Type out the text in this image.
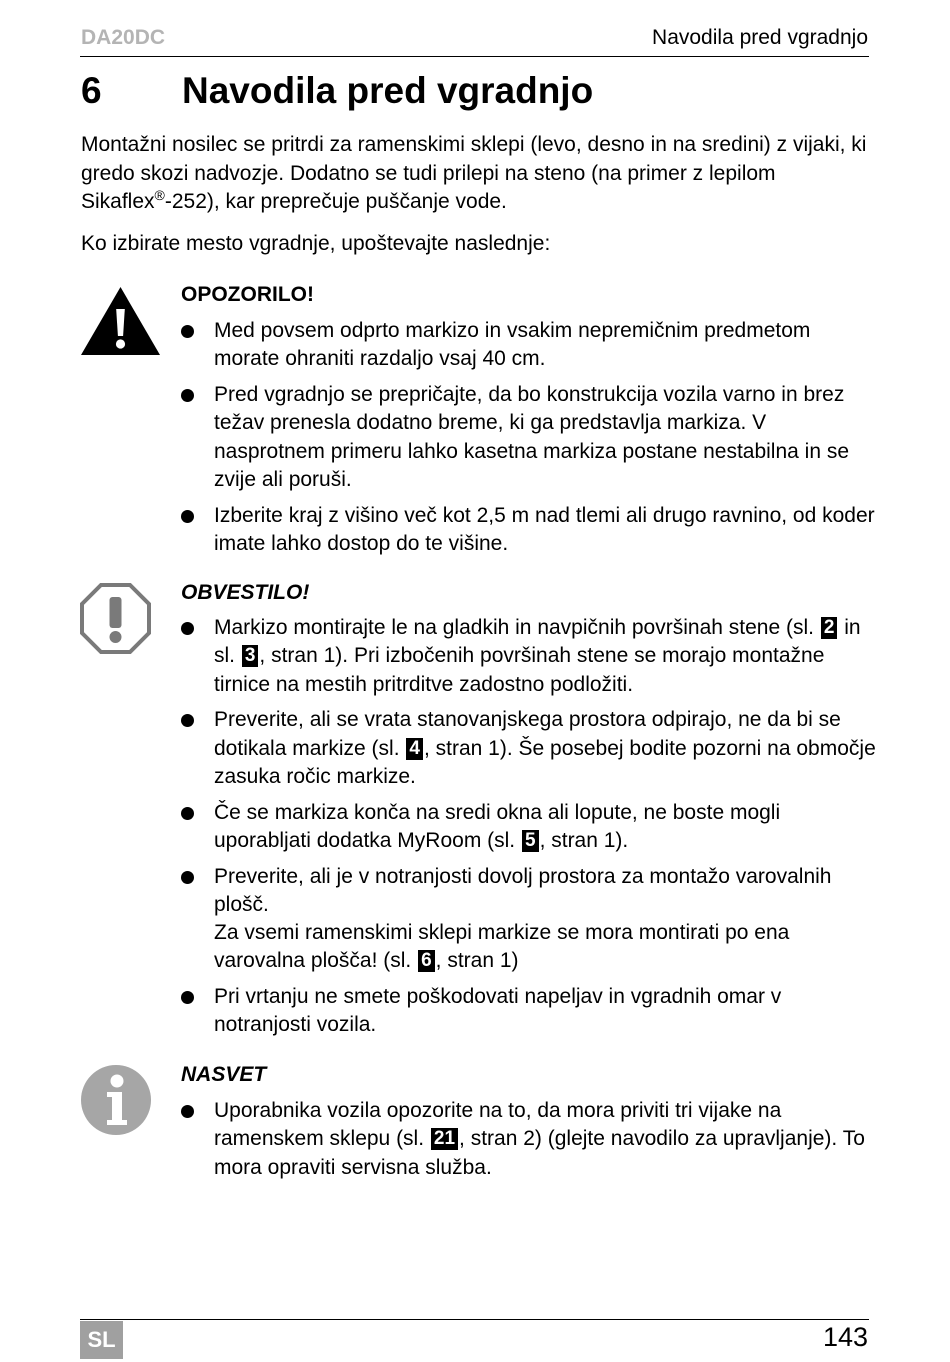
DA20DC	Navodila pred vgradnjo
6 Navodila pred vgradnjo
Montažni nosilec se pritrdi za ramenskimi sklepi (levo, desno in na sredini) z vijaki, ki gredo skozi nadvozje. Dodatno se tudi prilepi na steno (na primer z lepilom Sikaflex®-252), kar preprečuje puščanje vode.
Ko izbirate mesto vgradnje, upoštevajte naslednje:
OPOZORILO!
Med povsem odprto markizo in vsakim nepremičnim predmetom morate ohraniti razdaljo vsaj 40 cm.
Pred vgradnjo se prepričajte, da bo konstrukcija vozila varno in brez težav prenesla dodatno breme, ki ga predstavlja markiza. V nasprotnem primeru lahko kasetna markiza postane nestabilna in se zvije ali poruši.
Izberite kraj z višino več kot 2,5 m nad tlemi ali drugo ravnino, od koder imate lahko dostop do te višine.
OBVESTILO!
Markizo montirajte le na gladkih in navpičnih površinah stene (sl. 2 in sl. 3 , stran 1). Pri izbočenih površinah stene se morajo montažne tirnice na mestih pritrditve zadostno podložiti.
Preverite, ali se vrata stanovanjskega prostora odpirajo, ne da bi se dotikala markize (sl. 4 , stran 1). Še posebej bodite pozorni na območje zasuka ročic markize.
Če se markiza konča na sredi okna ali lopute, ne boste mogli uporabljati dodatka MyRoom (sl. 5 , stran 1).
Preverite, ali je v notranjosti dovolj prostora za montažo varovalnih plošč.
Za vsemi ramenskimi sklepi markize se mora montirati po ena varovalna plošča! (sl. 6 , stran 1)
Pri vrtanju ne smete poškodovati napeljav in vgradnih omar v notranjosti vozila.
NASVET
Uporabnika vozila opozorite na to, da mora priviti tri vijake na ramenskem sklepu (sl. 21 , stran 2) (glejte navodilo za upravljanje). To mora opraviti servisna služba.
SL	143
